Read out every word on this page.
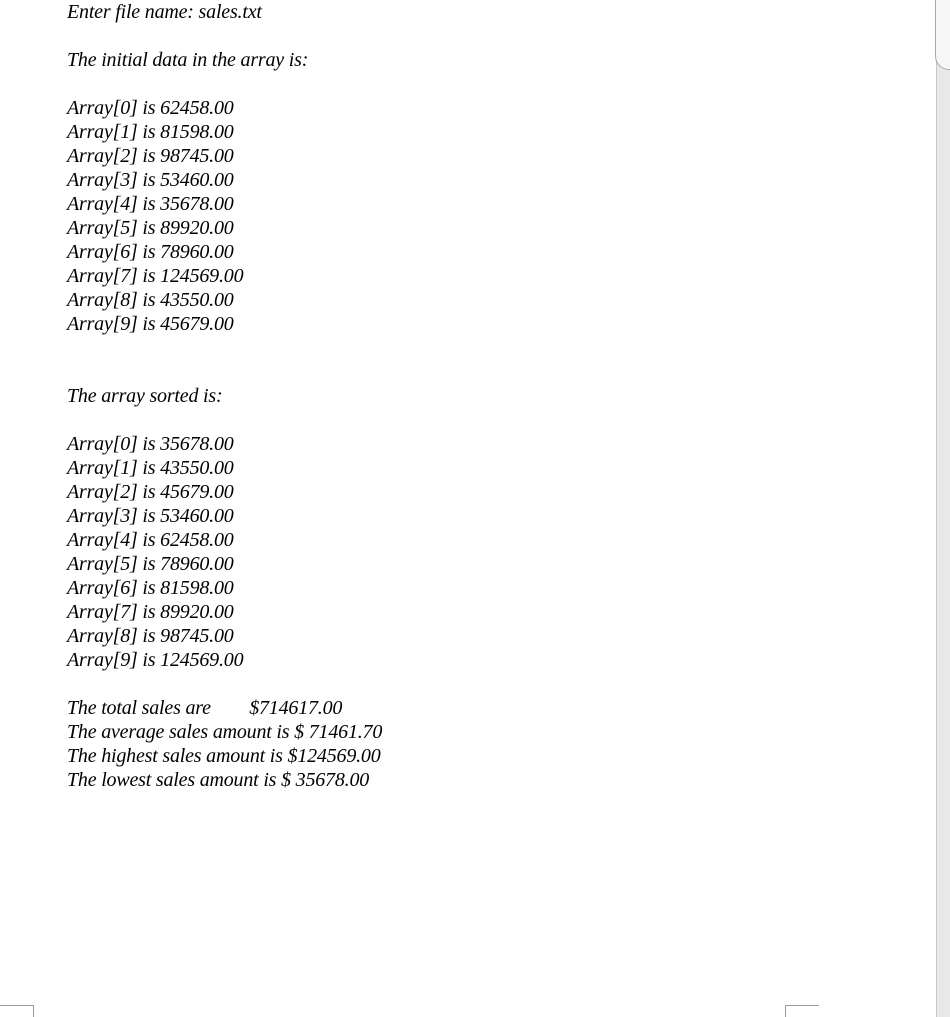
Enter file name: sales.txt
The initial data in the array is:
Array[0] is 62458.00
Array[1] is 81598.00
Array[2] is 98745.00
Array[3] is 53460.00
Array[4] is 35678.00
Array[5] is 89920.00
Array[6] is 78960.00
Array[7] is 124569.00
Array[8] is 43550.00
Array[9] is 45679.00
The array sorted is:
Array[0] is 35678.00
Array[1] is 43550.00
Array[2] is 45679.00
Array[3] is 53460.00
Array[4] is 62458.00
Array[5] is 78960.00
Array[6] is 81598.00
Array[7] is 89920.00
Array[8] is 98745.00
Array[9] is 124569.00
The total sales are        $714617.00
The average sales amount is $ 71461.70
The highest sales amount is $124569.00
The lowest sales amount is $ 35678.00
